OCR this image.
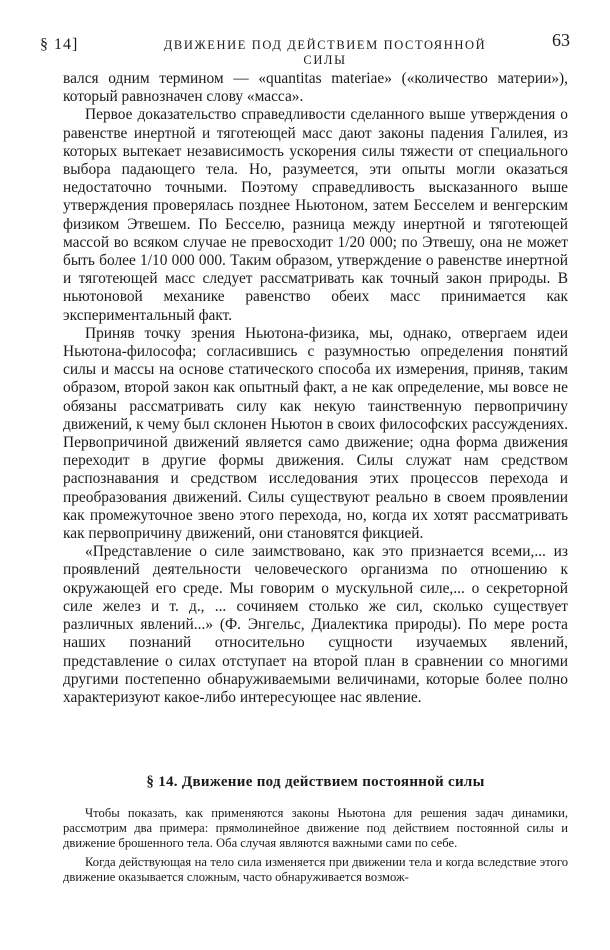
§ 14]	ДВИЖЕНИЕ ПОД ДЕЙСТВИЕМ ПОСТОЯННОЙ СИЛЫ
63

вался одним термином — «quantitas materiae» («количество материи»), который равнозначен слову «масса».

Первое доказательство справедливости сделанного выше утверждения о равенстве инертной и тяготеющей масс дают законы падения Галилея, из которых вытекает независимость ускорения силы тяжести от специального выбора падающего тела. Но, разумеется, эти опыты могли оказаться недостаточно точными. Поэтому справедливость высказанного выше утверждения проверялась позднее Ньютоном, затем Бесселем и венгерским физиком Этвешем. По Бесселю, разница между инертной и тяготеющей массой во всяком случае не превосходит 1/20 000; по Этвешу, она не может быть более 1/10 000 000. Таким образом, утверждение о равенстве инертной и тяготеющей масс следует рассматривать как точный закон природы. В ньютоновой механике равенство обеих масс принимается как экспериментальный факт.

Приняв точку зрения Ньютона-физика, мы, однако, отвергаем идеи Ньютона-философа; согласившись с разумностью определения понятий силы и массы на основе статического способа их измерения, приняв, таким образом, второй закон как опытный факт, а не как определение, мы вовсе не обязаны рассматривать силу как некую таинственную первопричину движений, к чему был склонен Ньютон в своих философских рассуждениях. Первопричиной движений является само движение; одна форма движения переходит в другие формы движения. Силы служат нам средством распознавания и средством исследования этих процессов перехода и преобразования движений. Силы существуют реально в своем проявлении как промежуточное звено этого перехода, но, когда их хотят рассматривать как первопричину движений, они становятся фикцией.

«Представление о силе заимствовано, как это признается всеми,... из проявлений деятельности человеческого организма по отношению к окружающей его среде. Мы говорим о мускульной силе,... о секреторной силе желез и т. д., ... сочиняем столько же сил, сколько существует различных явлений...» (Ф. Энгельс, Диалектика природы). По мере роста наших познаний относительно сущности изучаемых явлений, представление о силах отступает на второй план в сравнении со многими другими постепенно обнаруживаемыми величинами, которые более полно характеризуют какое-либо интересующее нас явление.

§ 14. Движение под действием постоянной силы

Чтобы показать, как применяются законы Ньютона для решения задач динамики, рассмотрим два примера: прямолинейное движение под действием постоянной силы и движение брошенного тела. Оба случая являются важными сами по себе.

Когда действующая на тело сила изменяется при движении тела и когда вследствие этого движение оказывается сложным, часто обнаруживается возмож-
